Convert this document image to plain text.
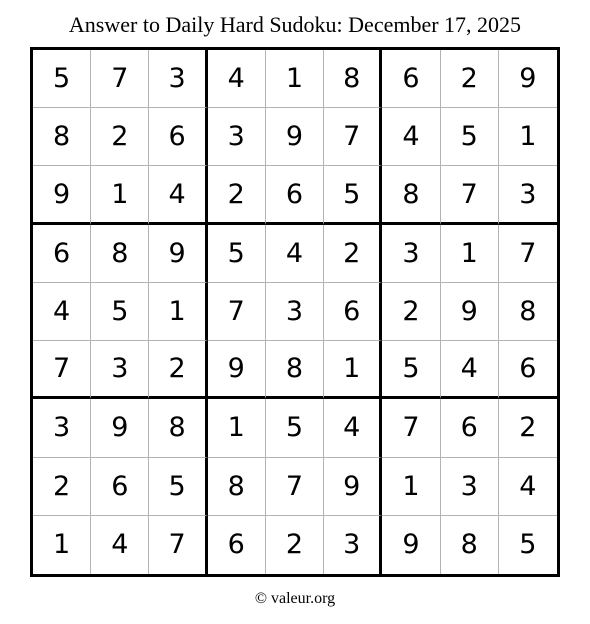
Answer to Daily Hard Sudoku: December 17, 2025
5	7	3	4	1	8	6	2	9
8	2	6	3	9	7	4	5	1
9	1	4	2	6	5	8	7	3
6	8	9	5	4	2	3	1	7
4	5	1	7	3	6	2	9	8
7	3	2	9	8	1	5	4	6
3	9	8	1	5	4	7	6	2
2	6	5	8	7	9	1	3	4
1	4	7	6	2	3	9	8	5
© valeur.org
